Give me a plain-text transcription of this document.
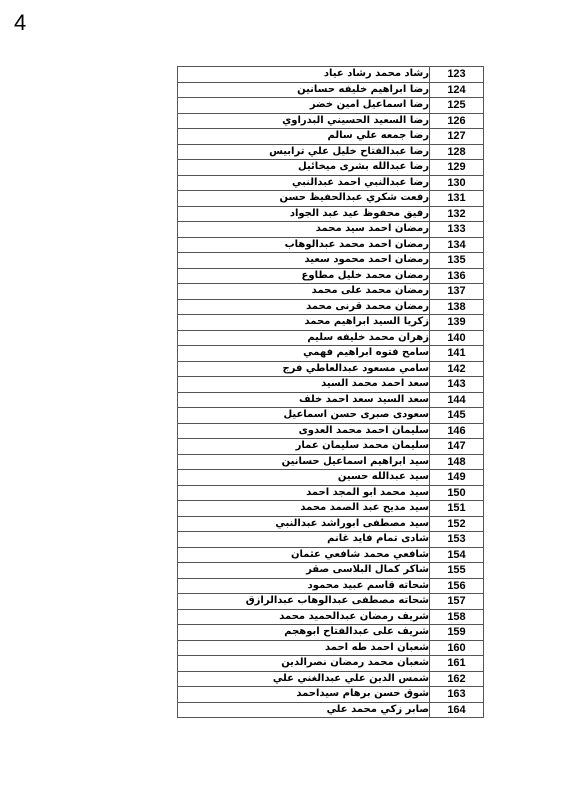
4
رشاد محمد رشاد عياد	123
رضا ابراهيم خليفه حسانين	124
رضا اسماعيل امين خضر	125
رضا السعيد الحسيني البدراوي	126
رضا جمعه علي سالم	127
رضا عبدالفتاح خليل علي ترابيس	128
رضا عبدالله بشرى ميخائيل	129
رضا عبدالنبي احمد عبدالنبي	130
رفعت شكري عبدالحفيظ حسن	131
رفيق محفوظ عيد عبد الجواد	132
رمضان احمد سيد محمد	133
رمضان احمد محمد عبدالوهاب	134
رمضان احمد محمود سعيد	135
رمضان محمد خليل مطاوع	136
رمضان محمد على محمد	137
رمضان محمد قرنى محمد	138
زكريا السيد ابراهيم محمد	139
زهران محمد خليفه سليم	140
سامح فتوه ابراهيم فهمي	141
سامي مسعود عبدالعاطي فرج	142
سعد احمد محمد السيد	143
سعد السيد سعد احمد خلف	144
سعودى صبرى حسن اسماعيل	145
سليمان احمد محمد العدوى	146
سليمان محمد سليمان عمار	147
سيد ابراهيم اسماعيل حسانين	148
سيد عبدالله حسين	149
سيد محمد ابو المجد احمد	150
سيد مديح عبد الصمد محمد	151
سيد مصطفى ابوراشد عبدالنبي	152
شادى تمام فايد غانم	153
شافعي محمد شافعي عثمان	154
شاكر كمال البلاسى صقر	155
شحاته قاسم عبيد محمود	156
شحاته مصطفى عبدالوهاب عبدالرازق	157
شريف رمضان عبدالحميد محمد	158
شريف على عبدالفتاح ابوهجم	159
شعبان احمد طه احمد	160
شعبان محمد رمضان نصرالدين	161
شمس الدين علي عبدالغني علي	162
شوق حسن برهام سيداحمد	163
صابر زكي محمد علي	164
